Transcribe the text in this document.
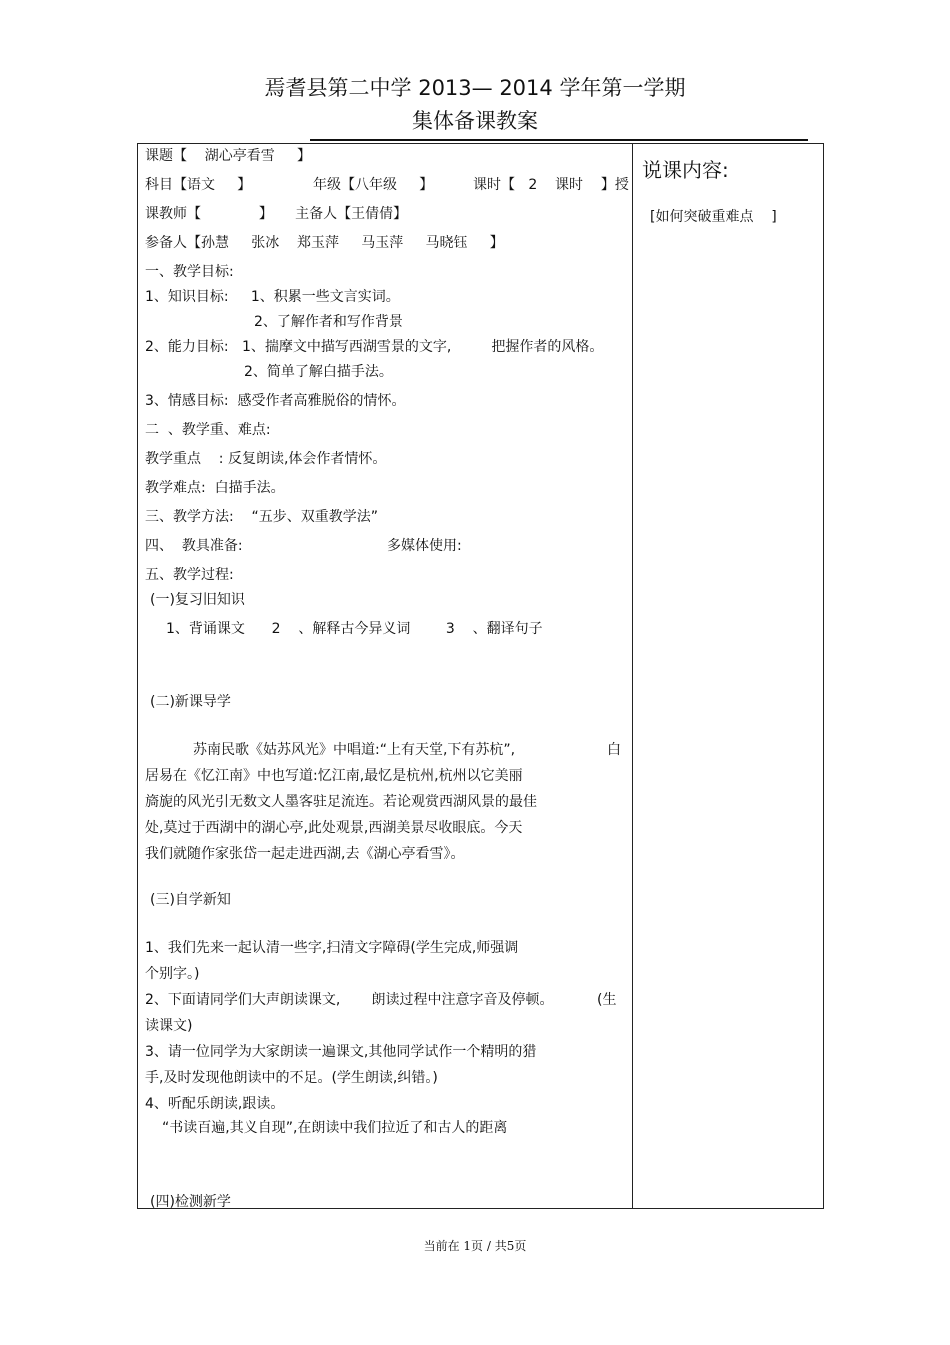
焉耆县第二中学 2013— 2014 学年第一学期
集体备课教案
课题【    湖心亭看雪     】
科目【语文     】	年级【八年级     】	课时【   2    课时    】授
课教师【             】     主备人【王倩倩】
参备人【孙慧     张冰    郑玉萍     马玉萍     马晓钰     】
一、教学目标:
1、知识目标:     1、积累一些文言实词。
2、了解作者和写作背景
2、能力目标:   1、揣摩文中描写西湖雪景的文字,         把握作者的风格。
2、简单了解白描手法。
3、情感目标:  感受作者高雅脱俗的情怀。
二  、教学重、难点:
教学重点    : 反复朗读,体会作者情怀。
教学难点:  白描手法。
三、教学方法:    “五步、双重教学法”
四、  教具准备:	多媒体使用:
五、教学过程:
(一)复习旧知识
1、背诵课文      2    、解释古今异义词        3    、翻译句子
(二)新课导学
苏南民歌《姑苏风光》中唱道:“上有天堂,下有苏杭”,	白
居易在《忆江南》中也写道:忆江南,最忆是杭州,杭州以它美丽
旖旎的风光引无数文人墨客驻足流连。若论观赏西湖风景的最佳
处,莫过于西湖中的湖心亭,此处观景,西湖美景尽收眼底。今天
我们就随作家张岱一起走进西湖,去《湖心亭看雪》。
(三)自学新知
1、我们先来一起认清一些字,扫清文字障碍(学生完成,师强调
个别字。)
2、下面请同学们大声朗读课文,       朗读过程中注意字音及停顿。	(生
读课文)
3、请一位同学为大家朗读一遍课文,其他同学试作一个精明的猎
手,及时发现他朗读中的不足。(学生朗读,纠错。)
4、听配乐朗读,跟读。
“书读百遍,其义自现”,在朗读中我们拉近了和古人的距离
(四)检测新学
说课内容:
[如何突破重难点    ]
当前在 1页 / 共5页
